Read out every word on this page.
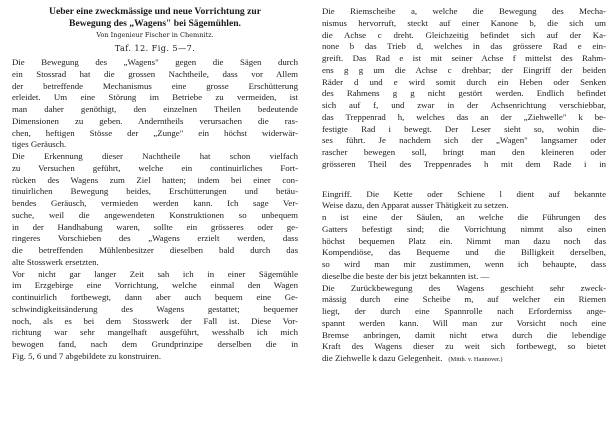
Ueber eine zweckmässige und neue Vorrichtung zur

Bewegung des „Wagens" bei Sägemühlen.

Von Ingenieur Fischer in Chemnitz.

Taf. 12. Fig. 5—7.

Die Bewegung des „Wagens" gegen die Sägen durch

ein Stossrad hat die grossen Nachtheile, dass vor Allem

der betreffende Mechanismus eine grosse Erschütterung

erleidet. Um eine Störung im Betriebe zu vermeiden, ist

man daher genöthigt, den einzelnen Theilen bedeutende

Dimensionen zu geben. Anderntheils verursachen die ras-

chen, heftigen Stösse der „Zunge" ein höchst widerwär-

tiges Geräusch.

Die Erkennung dieser Nachtheile hat schon vielfach

zu Versuchen geführt, welche ein continuirliches Fort-

rücken des Wagens zum Ziel hatten; indem bei einer con-

tinuirlichen Bewegung beides, Erschütterungen und betäu-

bendes Geräusch, vermieden werden kann. Ich sage Ver-

suche, weil die angewendeten Konstruktionen so unbequem

in der Handhabung waren, sollte ein grösseres oder ge-

ringeres Vorschieben des „Wagens erzielt werden, dass

die betreffenden Mühlenbesitzer dieselben bald durch das

alte Stosswerk ersetzten.

Vor nicht gar langer Zeit sah ich in einer Sägemühle

im Erzgebirge eine Vorrichtung, welche einmal den Wagen

continuirlich fortbewegt, dann aber auch bequem eine Ge-

schwindigkeitsänderung des Wagens gestattet; bequemer

noch, als es bei dem Stosswerk der Fall ist. Diese Vor-

richtung war sehr mangelhaft ausgeführt, wesshalb ich mich

bewogen fand, nach dem Grundprinzipe derselben die in

Fig. 5, 6 und 7 abgebildete zu konstruiren.

Die Riemscheibe a, welche die Bewegung des Mecha-

nismus hervorruft, steckt auf einer Kanone b, die sich um

die Achse c dreht. Gleichzeitig befindet sich auf der Ka-

none b das Trieb d, welches in das grössere Rad e ein-

greift. Das Rad e ist mit seiner Achse f mittelst des Rahm-

ens g g um die Achse c drehbar; der Eingriff der beiden

Räder d und e wird somit durch ein Heben oder Senken

des Rahmens g g nicht gestört werden. Endlich befindet

sich auf f, und zwar in der Achsenrichtung verschiebbar,

das Treppenrad h, welches das an der „Ziehwelle" k be-

festigte Rad i bewegt. Der Leser sieht so, wohin die-

ses führt. Je nachdem sich der „Wagen" langsamer oder

rascher bewegen soll, bringt man den kleineren oder

grösseren Theil des Treppenrades h mit dem Rade i in

Eingriff. Die Kette oder Schiene l dient auf bekannte

Weise dazu, den Apparat ausser Thätigkeit zu setzen.

n ist eine der Säulen, an welche die Führungen des

Gatters befestigt sind; die Vorrichtung nimmt also einen

höchst bequemen Platz ein. Nimmt man dazu noch das

Kompendiöse, das Bequeme und die Billigkeit derselben,

so wird man mir zustimmen, wenn ich behaupte, dass

dieselbe die beste der bis jetzt bekannten ist. —

Die Zurückbewegung des Wagens geschieht sehr zweck-

mässig durch eine Scheibe m, auf welcher ein Riemen

liegt, der durch eine Spannrolle nach Erforderniss ange-

spannt werden kann. Will man zur Vorsicht noch eine

Bremse anbringen, damit nicht etwa durch die lebendige

Kraft des Wagens dieser zu weit sich fortbewegt, so bietet

die Ziehwelle k dazu Gelegenheit. (Mitth. v. Hannover.)
